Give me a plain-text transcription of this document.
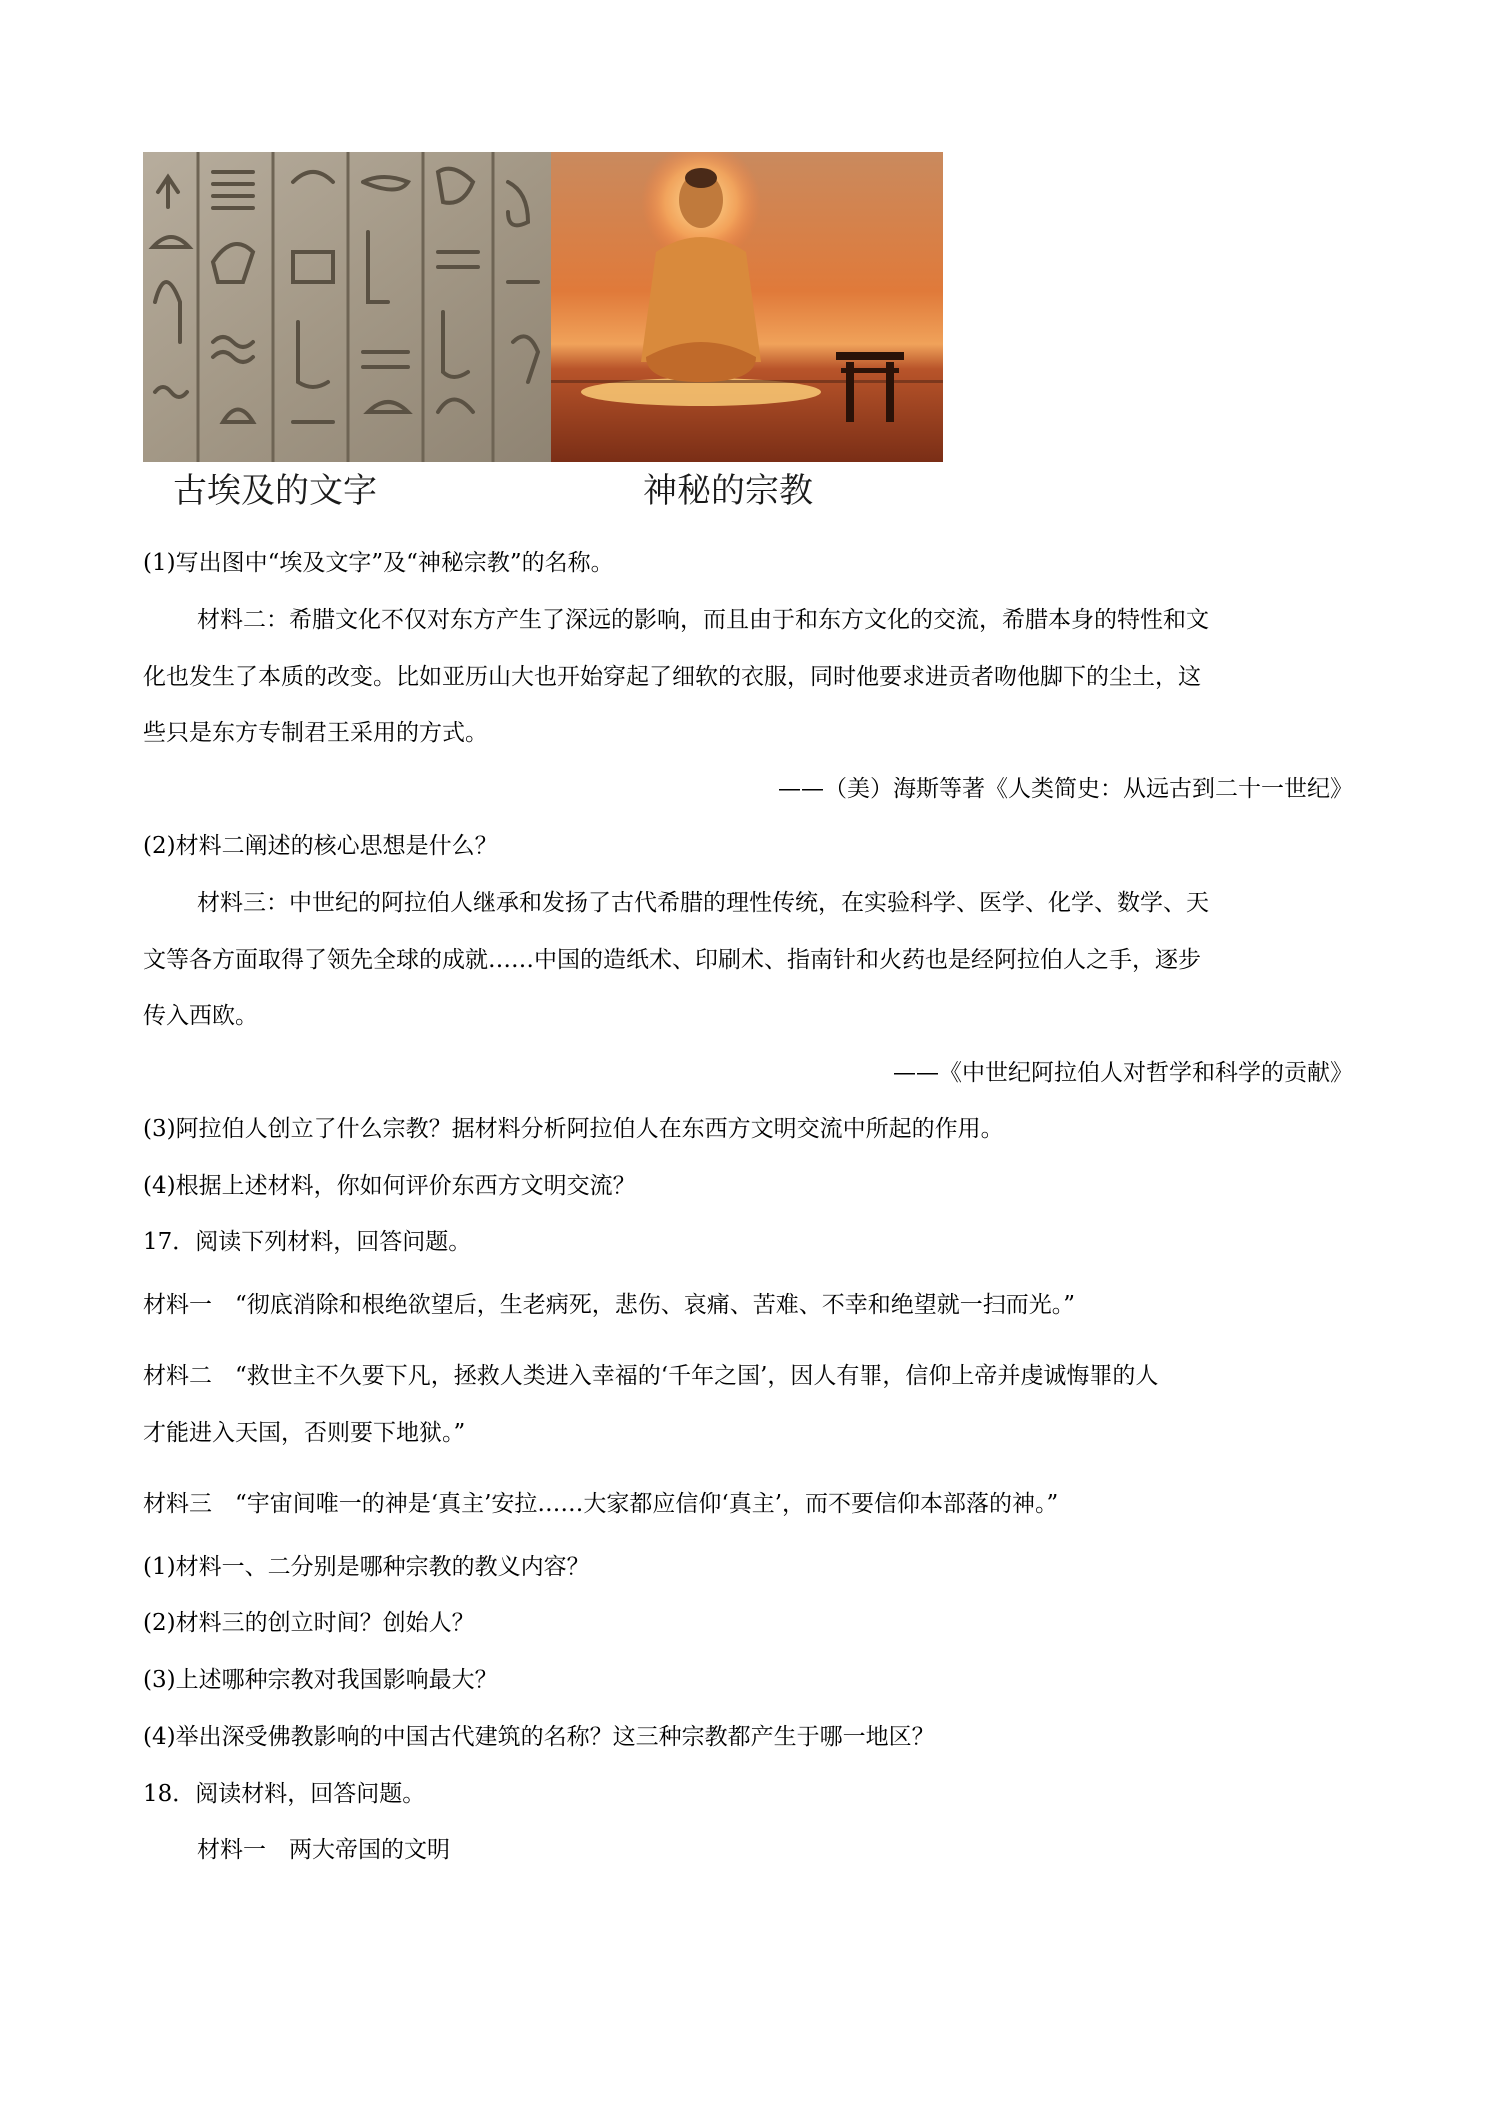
古埃及的文字	神秘的宗教
(1)写出图中“埃及文字”及“神秘宗教”的名称。
材料二：希腊文化不仅对东方产生了深远的影响，而且由于和东方文化的交流，希腊本身的特性和文
化也发生了本质的改变。比如亚历山大也开始穿起了细软的衣服，同时他要求进贡者吻他脚下的尘土，这
些只是东方专制君王采用的方式。
——（美）海斯等著《人类简史：从远古到二十一世纪》
(2)材料二阐述的核心思想是什么？
材料三：中世纪的阿拉伯人继承和发扬了古代希腊的理性传统，在实验科学、医学、化学、数学、天
文等各方面取得了领先全球的成就……中国的造纸术、印刷术、指南针和火药也是经阿拉伯人之手，逐步
传入西欧。
——《中世纪阿拉伯人对哲学和科学的贡献》
(3)阿拉伯人创立了什么宗教？据材料分析阿拉伯人在东西方文明交流中所起的作用。
(4)根据上述材料，你如何评价东西方文明交流？
17．阅读下列材料，回答问题。
材料一　“彻底消除和根绝欲望后，生老病死，悲伤、哀痛、苦难、不幸和绝望就一扫而光。”
材料二　“救世主不久要下凡，拯救人类进入幸福的‘千年之国’，因人有罪，信仰上帝并虔诚悔罪的人
才能进入天国，否则要下地狱。”
材料三　“宇宙间唯一的神是‘真主’安拉……大家都应信仰‘真主’，而不要信仰本部落的神。”
(1)材料一、二分别是哪种宗教的教义内容？
(2)材料三的创立时间？创始人？
(3)上述哪种宗教对我国影响最大？
(4)举出深受佛教影响的中国古代建筑的名称？这三种宗教都产生于哪一地区？
18．阅读材料，回答问题。
材料一　两大帝国的文明
